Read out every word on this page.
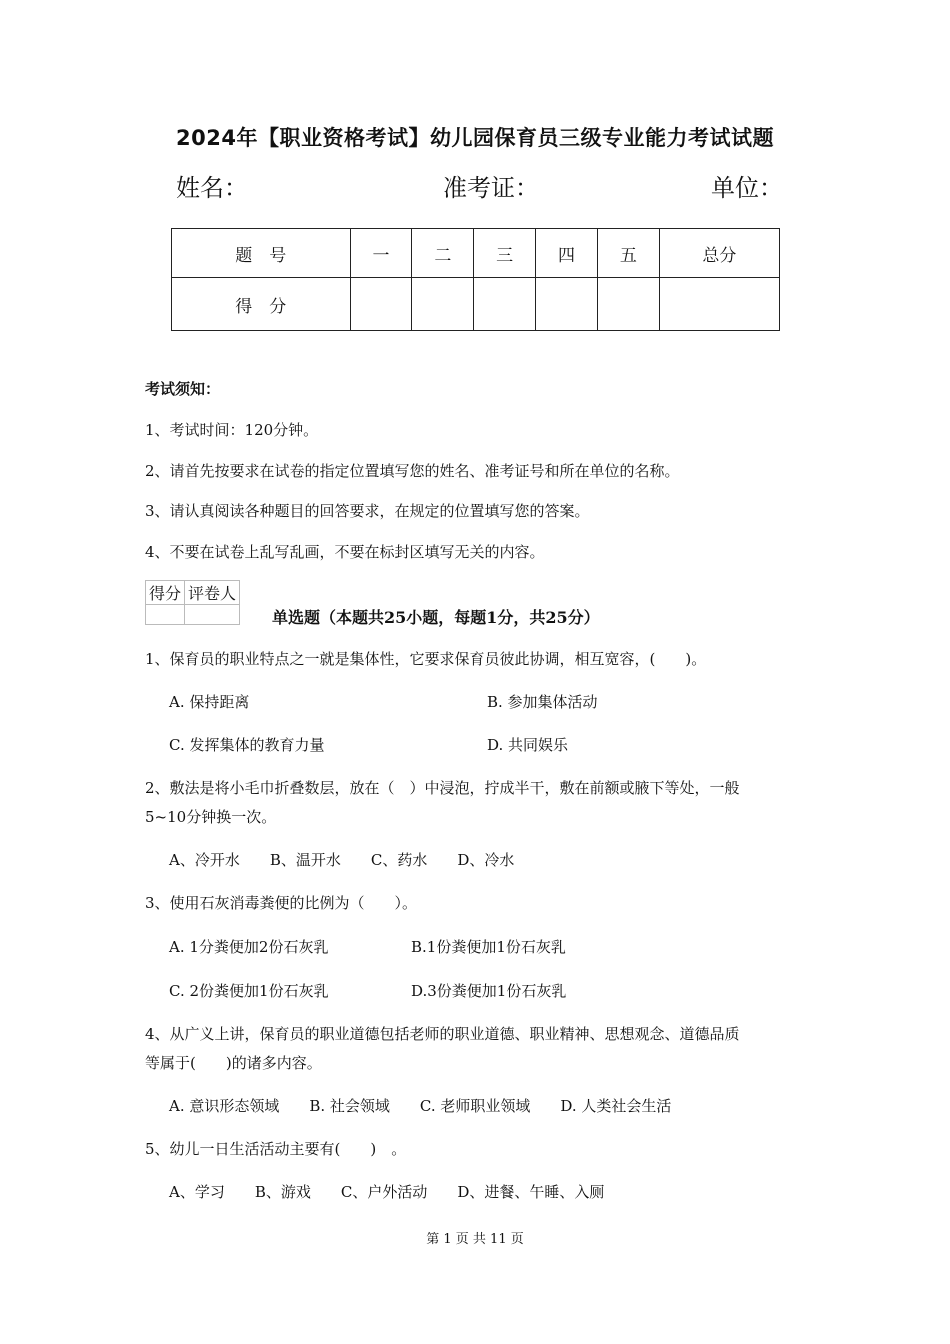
2024年【职业资格考试】幼儿园保育员三级专业能力考试试题
姓名：	准考证：	单位：
题　号	一	二	三	四	五	总分
得　分						
考试须知：
1、考试时间：120分钟。
2、请首先按要求在试卷的指定位置填写您的姓名、准考证号和所在单位的名称。
3、请认真阅读各种题目的回答要求，在规定的位置填写您的答案。
4、不要在试卷上乱写乱画，不要在标封区填写无关的内容。
得分	评卷人

单选题（本题共25小题，每题1分，共25分）
1、保育员的职业特点之一就是集体性，它要求保育员彼此协调，相互宽容，(　　)。
A. 保持距离	B. 参加集体活动
C. 发挥集体的教育力量	D. 共同娱乐
2、敷法是将小毛巾折叠数层，放在（　）中浸泡，拧成半干，敷在前额或腋下等处，一般
5~10分钟换一次。
A、冷开水　　B、温开水　　C、药水　　D、冷水
3、使用石灰消毒粪便的比例为（　　）。
A. 1分粪便加2份石灰乳	B.1份粪便加1份石灰乳
C. 2份粪便加1份石灰乳	D.3份粪便加1份石灰乳
4、从广义上讲，保育员的职业道德包括老师的职业道德、职业精神、思想观念、道德品质
等属于(　　)的诸多内容。
A. 意识形态领域　　B. 社会领域　　C. 老师职业领域　　D. 人类社会生活
5、幼儿一日生活活动主要有(　　)　。
A、学习　　B、游戏　　C、户外活动　　D、进餐、午睡、入厕
第 1 页 共 11 页
